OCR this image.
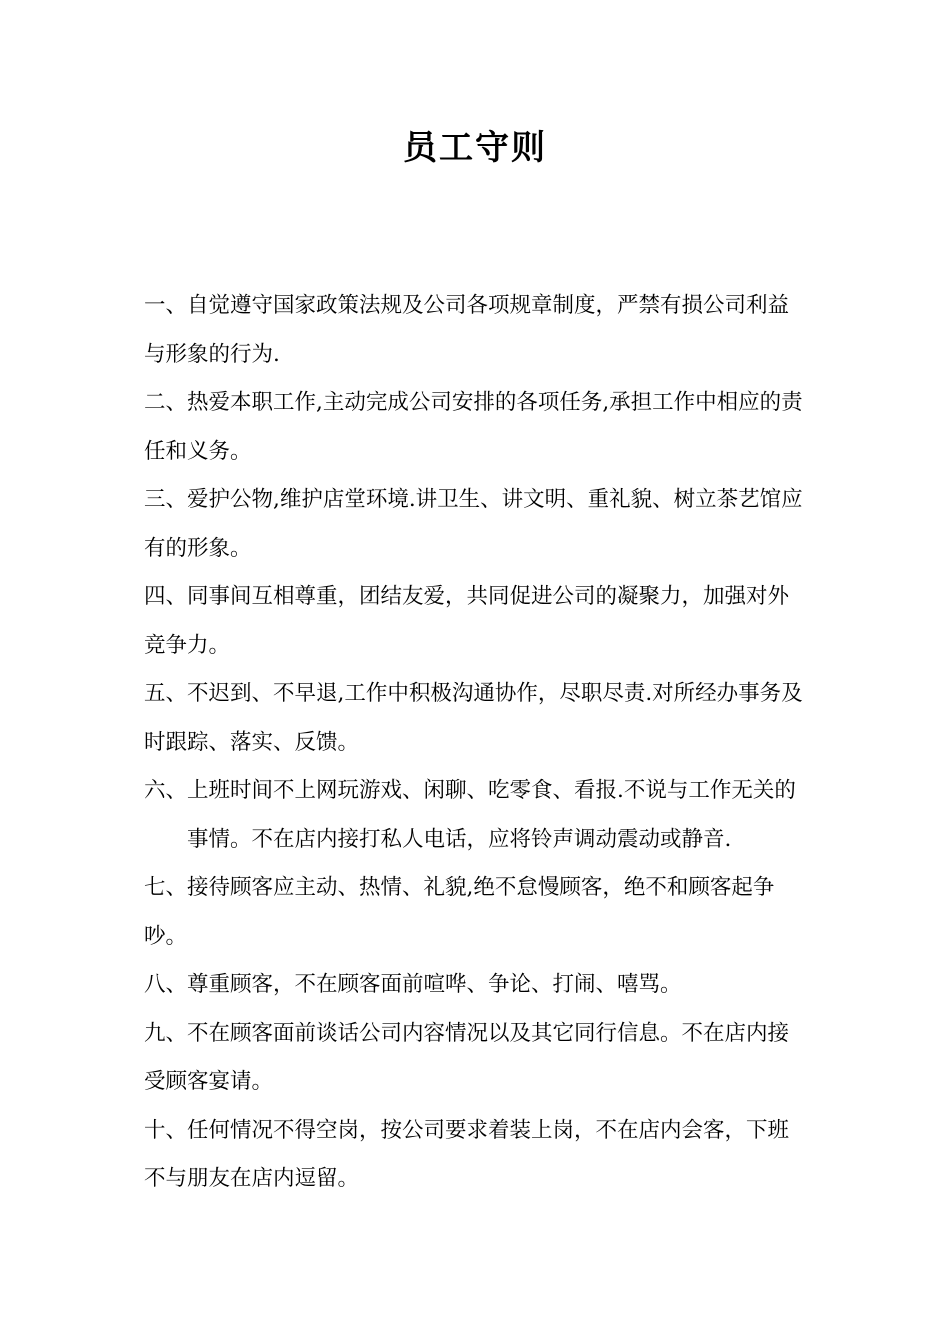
员工守则
一、自觉遵守国家政策法规及公司各项规章制度，严禁有损公司利益与形象的行为.
二、热爱本职工作,主动完成公司安排的各项任务,承担工作中相应的责任和义务。
三、爱护公物,维护店堂环境.讲卫生、讲文明、重礼貌、树立茶艺馆应有的形象。
四、同事间互相尊重，团结友爱，共同促进公司的凝聚力，加强对外竞争力。
五、不迟到、不早退,工作中积极沟通协作，尽职尽责.对所经办事务及时跟踪、落实、反馈。
六、 上班时间不上网玩游戏、闲聊、吃零食、看报.不说与工作无关的事情。不在店内接打私人电话，应将铃声调动震动或静音.
七、接待顾客应主动、热情、礼貌,绝不怠慢顾客，绝不和顾客起争吵。
八、尊重顾客，不在顾客面前喧哗、争论、打闹、嘻骂。
九、不在顾客面前谈话公司内容情况以及其它同行信息。不在店内接受顾客宴请。
十、任何情况不得空岗，按公司要求着装上岗，不在店内会客，下班不与朋友在店内逗留。
